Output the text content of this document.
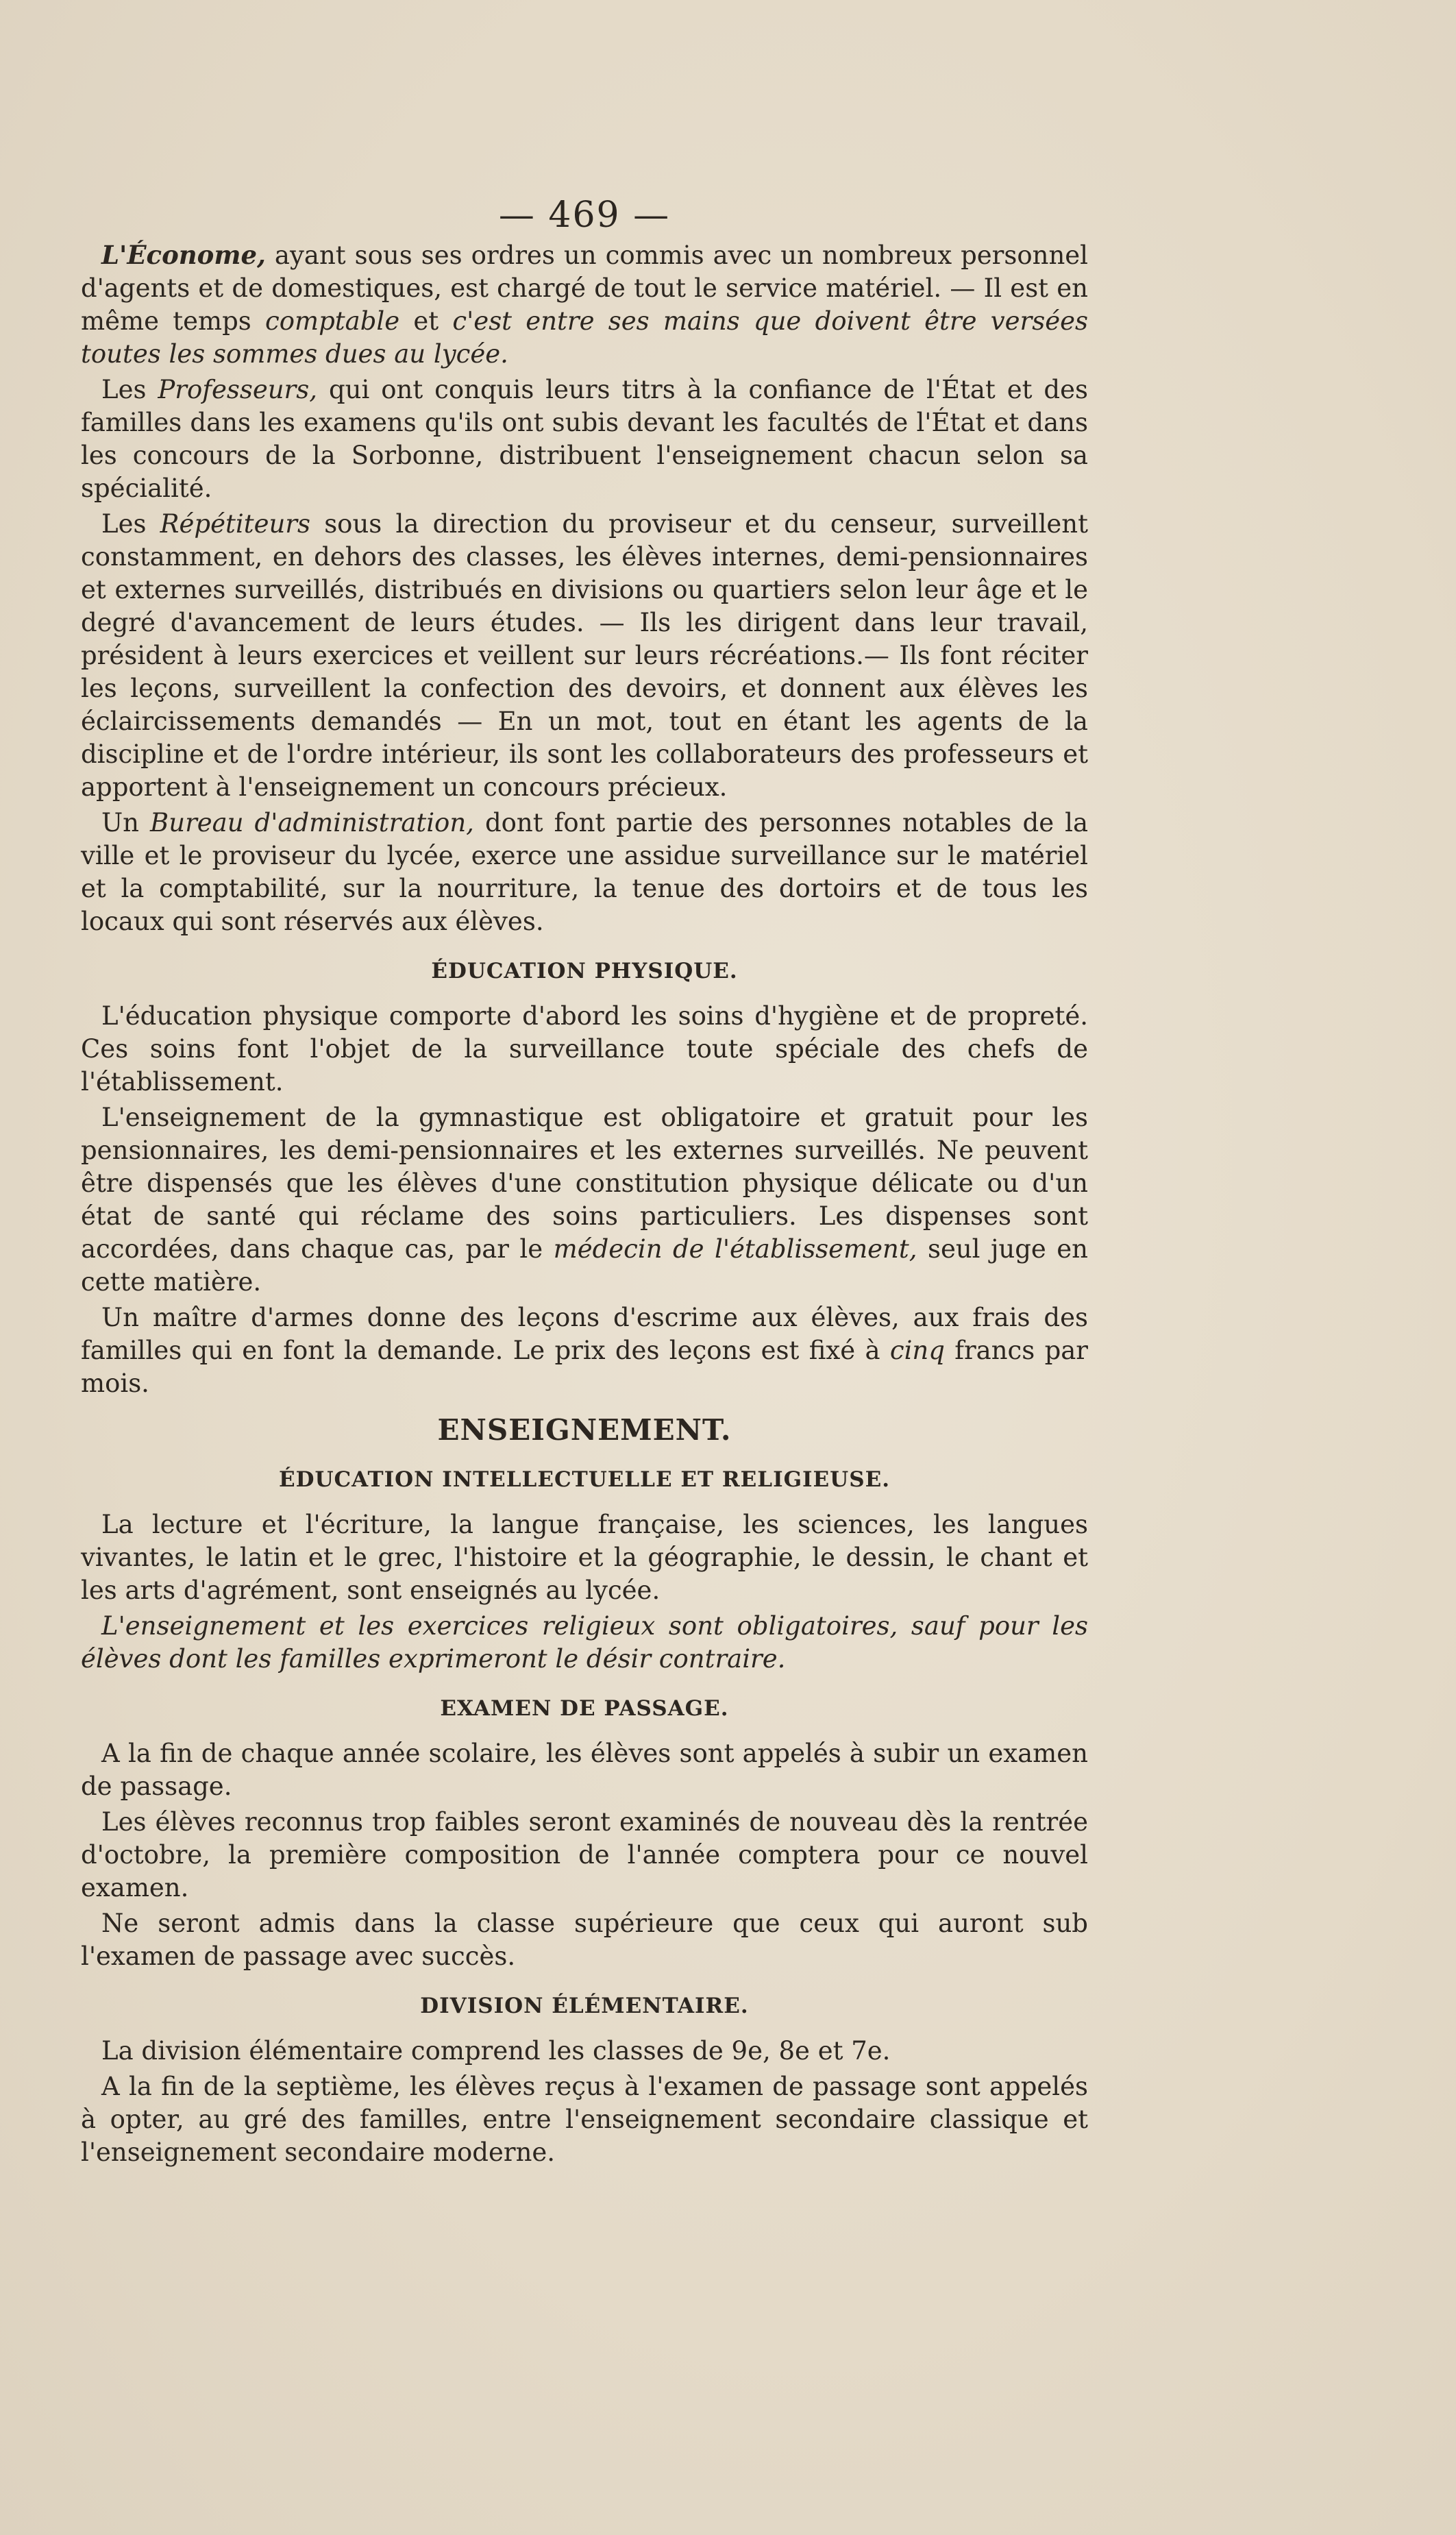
— 469 —

L'Économe, ayant sous ses ordres un commis avec un nombreux personnel d'agents et de domestiques, est chargé de tout le service matériel. — Il est en même temps comptable et c'est entre ses mains que doivent être versées toutes les sommes dues au lycée.

Les Professeurs, qui ont conquis leurs titrs à la confiance de l'État et des familles dans les examens qu'ils ont subis devant les facultés de l'État et dans les concours de la Sorbonne, distribuent l'enseignement chacun selon sa spécialité.

Les Répétiteurs sous la direction du proviseur et du censeur, surveillent constamment, en dehors des classes, les élèves internes, demi-pensionnaires et externes surveillés, distribués en divisions ou quartiers selon leur âge et le degré d'avancement de leurs études. — Ils les dirigent dans leur travail, président à leurs exercices et veillent sur leurs récréations.— Ils font réciter les leçons, surveillent la confection des devoirs, et donnent aux élèves les éclaircissements demandés — En un mot, tout en étant les agents de la discipline et de l'ordre intérieur, ils sont les collaborateurs des professeurs et apportent à l'enseignement un concours précieux.

Un Bureau d'administration, dont font partie des personnes notables de la ville et le proviseur du lycée, exerce une assidue surveillance sur le matériel et la comptabilité, sur la nourriture, la tenue des dortoirs et de tous les locaux qui sont réservés aux élèves.

ÉDUCATION PHYSIQUE.

L'éducation physique comporte d'abord les soins d'hygiène et de propreté. Ces soins font l'objet de la surveillance toute spéciale des chefs de l'établissement.

L'enseignement de la gymnastique est obligatoire et gratuit pour les pensionnaires, les demi-pensionnaires et les externes surveillés. Ne peuvent être dispensés que les élèves d'une constitution physique délicate ou d'un état de santé qui réclame des soins particuliers. Les dispenses sont accordées, dans chaque cas, par le médecin de l'établissement, seul juge en cette matière.

Un maître d'armes donne des leçons d'escrime aux élèves, aux frais des familles qui en font la demande. Le prix des leçons est fixé à cinq francs par mois.

ENSEIGNEMENT.
ÉDUCATION INTELLECTUELLE ET RELIGIEUSE.

La lecture et l'écriture, la langue française, les sciences, les langues vivantes, le latin et le grec, l'histoire et la géographie, le dessin, le chant et les arts d'agrément, sont enseignés au lycée.

L'enseignement et les exercices religieux sont obligatoires, sauf pour les élèves dont les familles exprimeront le désir contraire.

EXAMEN DE PASSAGE.

A la fin de chaque année scolaire, les élèves sont appelés à subir un examen de passage.

Les élèves reconnus trop faibles seront examinés de nouveau dès la rentrée d'octobre, la première composition de l'année comptera pour ce nouvel examen.

Ne seront admis dans la classe supérieure que ceux qui auront sub l'examen de passage avec succès.

DIVISION ÉLÉMENTAIRE.

La division élémentaire comprend les classes de 9e, 8e et 7e.

A la fin de la septième, les élèves reçus à l'examen de passage sont appelés à opter, au gré des familles, entre l'enseignement secondaire classique et l'enseignement secondaire moderne.
